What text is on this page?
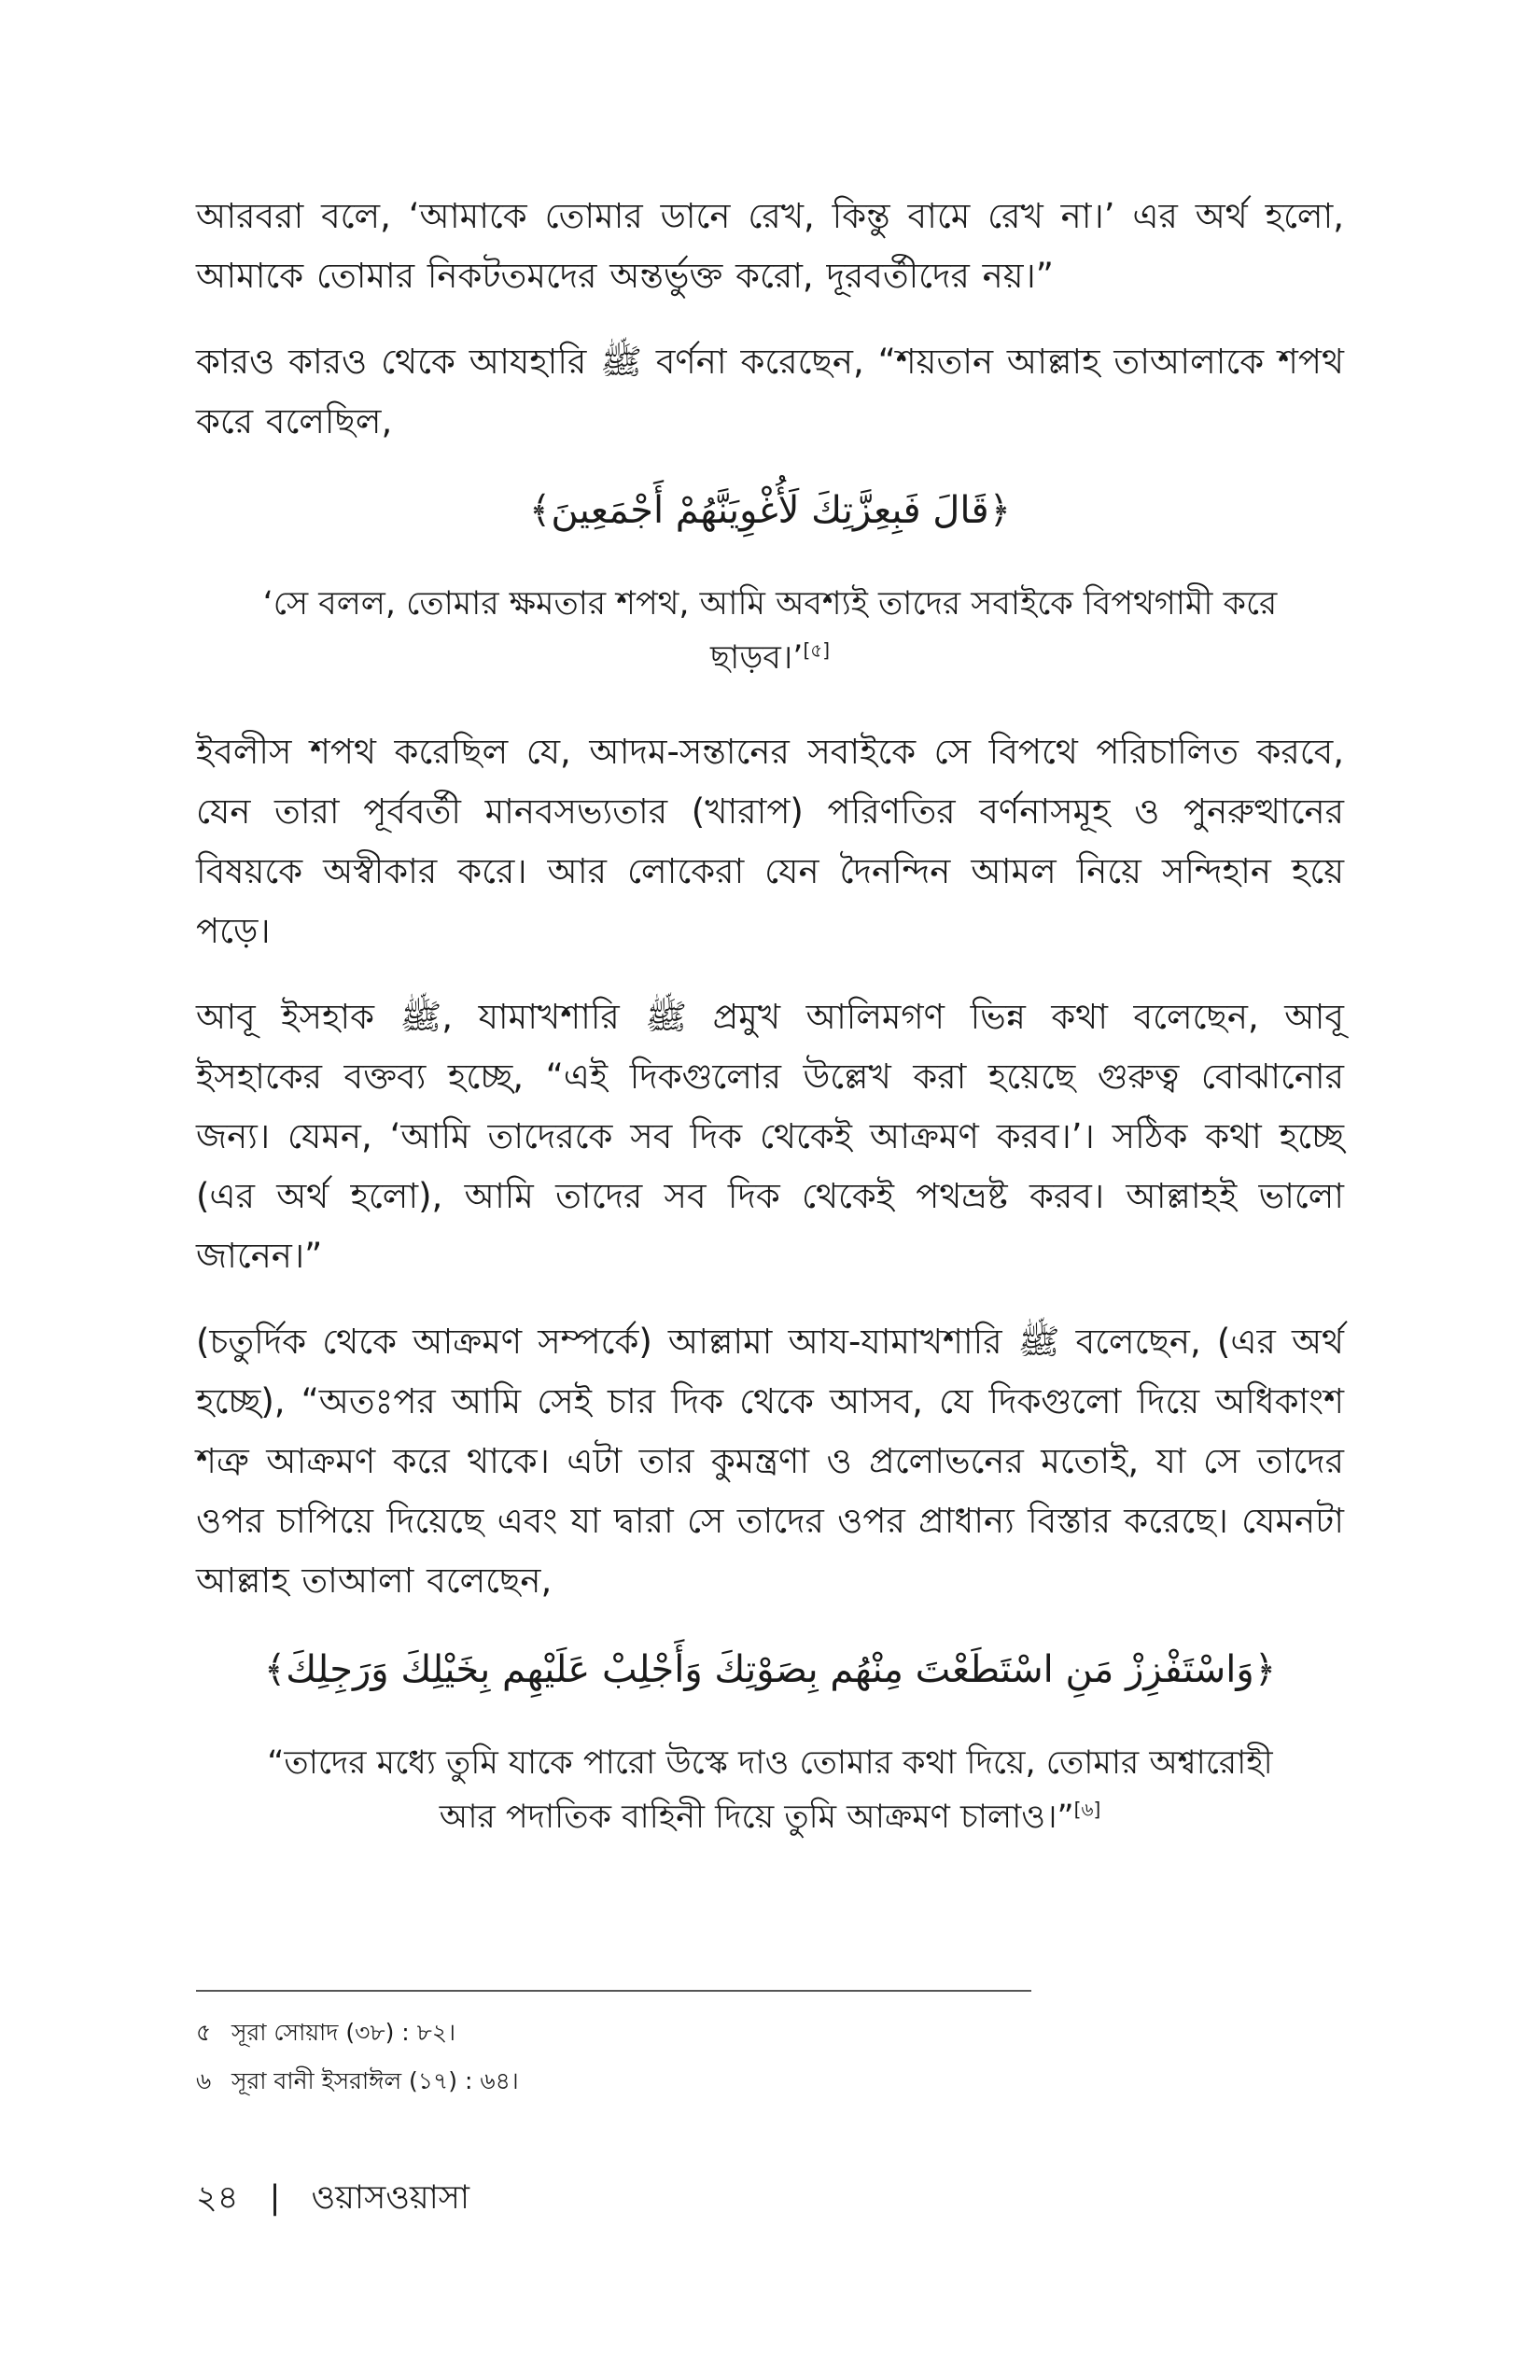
আরবরা বলে, ‘আমাকে তোমার ডানে রেখ, কিন্তু বামে রেখ না।’ এর অর্থ হলো, আমাকে তোমার নিকটতমদের অন্তর্ভুক্ত করো, দূরবর্তীদের নয়।”

কারও কারও থেকে আযহারি ﷺ বর্ণনা করেছেন, “শয়তান আল্লাহ তাআলাকে শপথ করে বলেছিল,

﴿قَالَ فَبِعِزَّتِكَ لَأُغْوِيَنَّهُمْ أَجْمَعِينَ﴾
‘সে বলল, তোমার ক্ষমতার শপথ, আমি অবশ্যই তাদের সবাইকে বিপথগামী করে ছাড়ব।’[৫]

ইবলীস শপথ করেছিল যে, আদম-সন্তানের সবাইকে সে বিপথে পরিচালিত করবে, যেন তারা পূর্ববর্তী মানবসভ্যতার (খারাপ) পরিণতির বর্ণনাসমূহ ও পুনরুত্থানের বিষয়কে অস্বীকার করে। আর লোকেরা যেন দৈনন্দিন আমল নিয়ে সন্দিহান হয়ে পড়ে।

আবূ ইসহাক ﷺ, যামাখশারি ﷺ প্রমুখ আলিমগণ ভিন্ন কথা বলেছেন, আবূ ইসহাকের বক্তব্য হচ্ছে, “এই দিকগুলোর উল্লেখ করা হয়েছে গুরুত্ব বোঝানোর জন্য। যেমন, ‘আমি তাদেরকে সব দিক থেকেই আক্রমণ করব।’। সঠিক কথা হচ্ছে (এর অর্থ হলো), আমি তাদের সব দিক থেকেই পথভ্রষ্ট করব। আল্লাহই ভালো জানেন।”

(চতুর্দিক থেকে আক্রমণ সম্পর্কে) আল্লামা আয-যামাখশারি ﷺ বলেছেন, (এর অর্থ হচ্ছে), “অতঃপর আমি সেই চার দিক থেকে আসব, যে দিকগুলো দিয়ে অধিকাংশ শত্রু আক্রমণ করে থাকে। এটা তার কুমন্ত্রণা ও প্রলোভনের মতোই, যা সে তাদের ওপর চাপিয়ে দিয়েছে এবং যা দ্বারা সে তাদের ওপর প্রাধান্য বিস্তার করেছে। যেমনটা আল্লাহ তাআলা বলেছেন,

﴿وَاسْتَفْزِزْ مَنِ اسْتَطَعْتَ مِنْهُم بِصَوْتِكَ وَأَجْلِبْ عَلَيْهِم بِخَيْلِكَ وَرَجِلِكَ﴾
“তাদের মধ্যে তুমি যাকে পারো উস্কে দাও তোমার কথা দিয়ে, তোমার অশ্বারোহী আর পদাতিক বাহিনী দিয়ে তুমি আক্রমণ চালাও।”[৬]
৫ সূরা সোয়াদ (৩৮) : ৮২।
৬ সূরা বানী ইসরাঈল (১৭) : ৬৪।
২৪ | ওয়াসওয়াসা
